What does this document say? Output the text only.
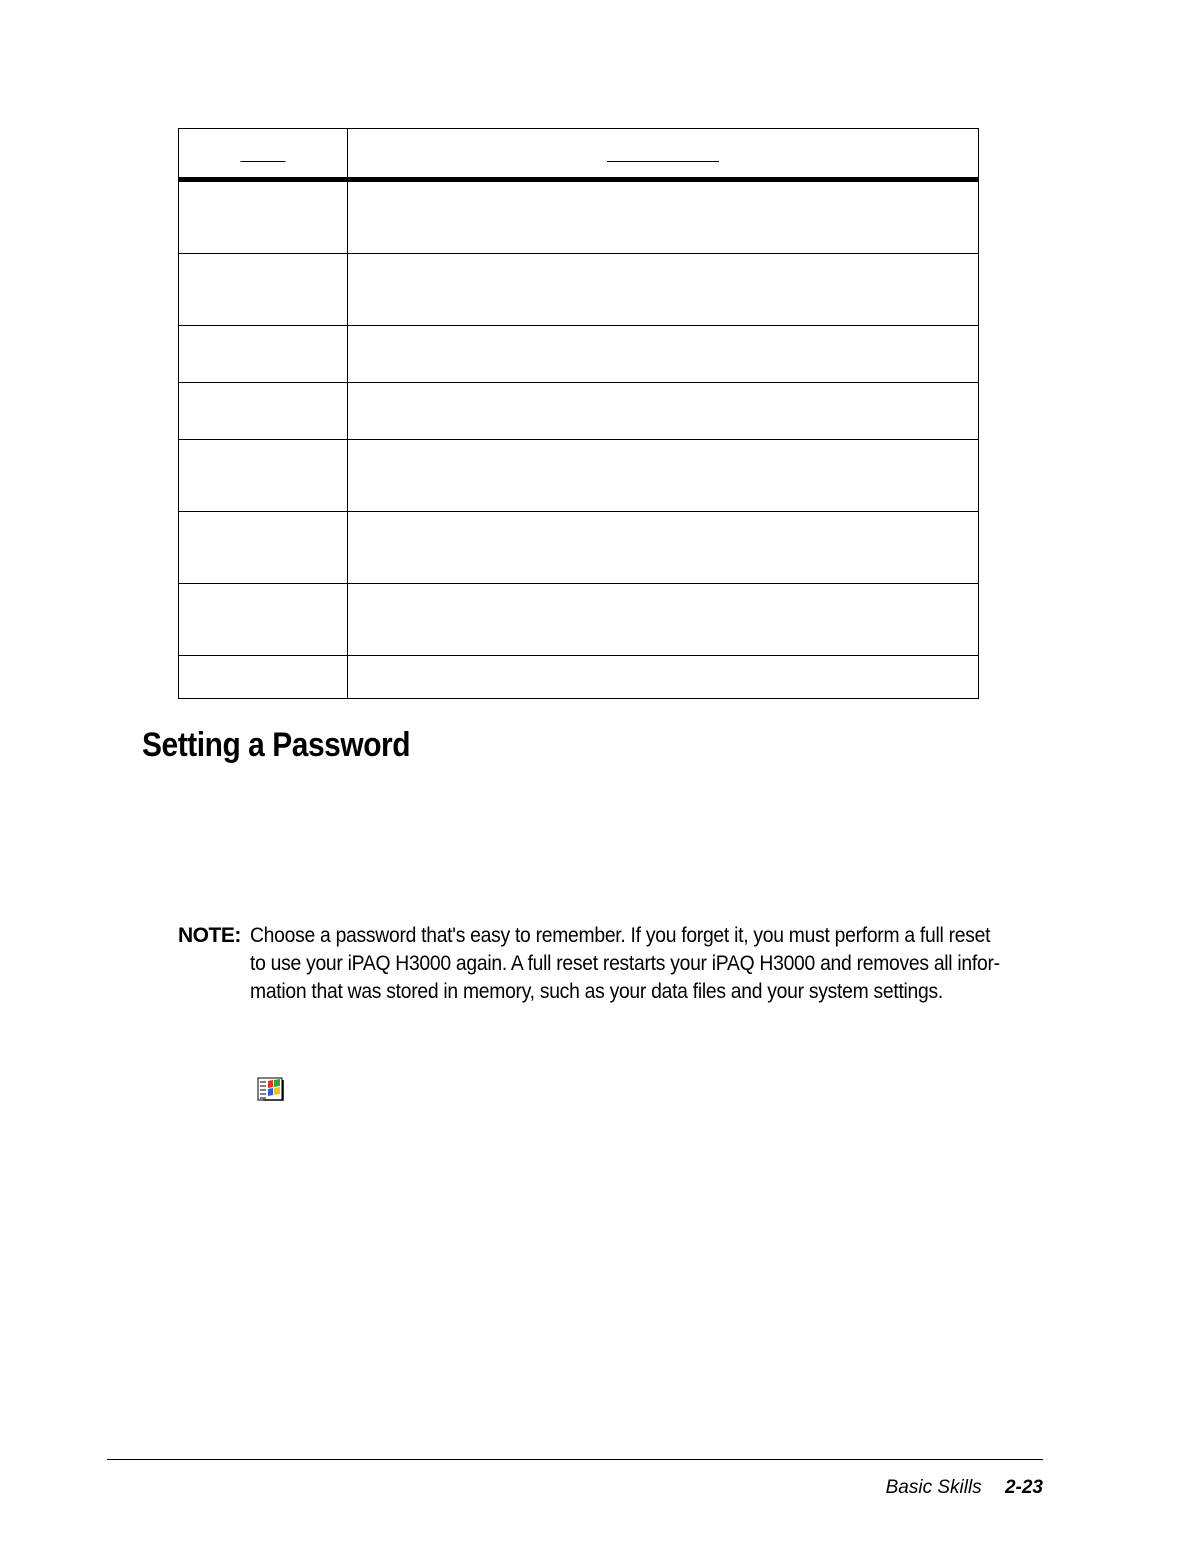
Setting a Password
NOTE: Choose a password that's easy to remember. If you forget it, you must perform a full reset
to use your iPAQ H3000 again. A full reset restarts your iPAQ H3000 and removes all infor-
mation that was stored in memory, such as your data files and your system settings.
Basic Skills 2-23
